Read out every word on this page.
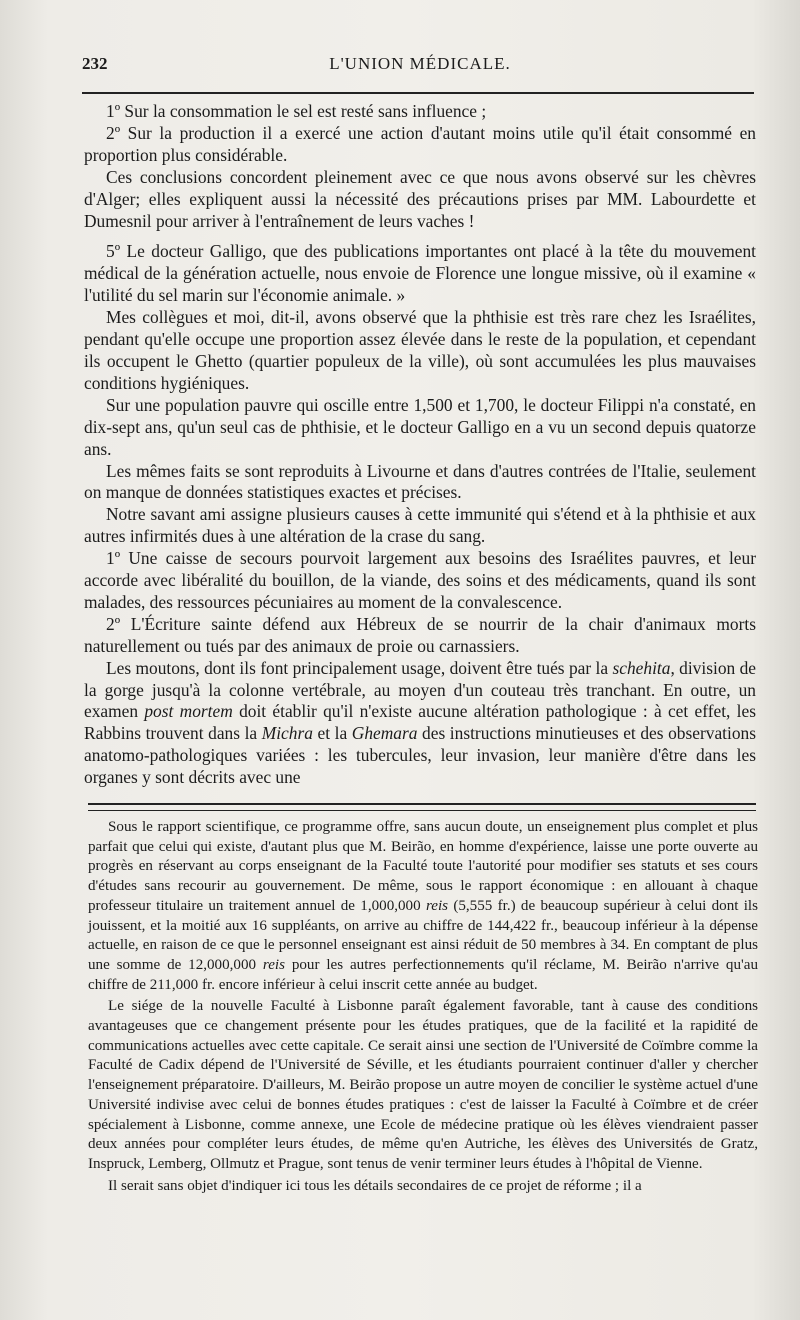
232	L'UNION MÉDICALE.

1º Sur la consommation le sel est resté sans influence ;

2º Sur la production il a exercé une action d'autant moins utile qu'il était consommé en proportion plus considérable.

Ces conclusions concordent pleinement avec ce que nous avons observé sur les chèvres d'Alger; elles expliquent aussi la nécessité des précautions prises par MM. Labourdette et Dumesnil pour arriver à l'entraînement de leurs vaches !

5º Le docteur Galligo, que des publications importantes ont placé à la tête du mouvement médical de la génération actuelle, nous envoie de Florence une longue missive, où il examine « l'utilité du sel marin sur l'économie animale. »

Mes collègues et moi, dit-il, avons observé que la phthisie est très rare chez les Israélites, pendant qu'elle occupe une proportion assez élevée dans le reste de la population, et cependant ils occupent le Ghetto (quartier populeux de la ville), où sont accumulées les plus mauvaises conditions hygiéniques.

Sur une population pauvre qui oscille entre 1,500 et 1,700, le docteur Filippi n'a constaté, en dix-sept ans, qu'un seul cas de phthisie, et le docteur Galligo en a vu un second depuis quatorze ans.

Les mêmes faits se sont reproduits à Livourne et dans d'autres contrées de l'Italie, seulement on manque de données statistiques exactes et précises.

Notre savant ami assigne plusieurs causes à cette immunité qui s'étend et à la phthisie et aux autres infirmités dues à une altération de la crase du sang.

1º Une caisse de secours pourvoit largement aux besoins des Israélites pauvres, et leur accorde avec libéralité du bouillon, de la viande, des soins et des médicaments, quand ils sont malades, des ressources pécuniaires au moment de la convalescence.

2º L'Écriture sainte défend aux Hébreux de se nourrir de la chair d'animaux morts naturellement ou tués par des animaux de proie ou carnassiers.

Les moutons, dont ils font principalement usage, doivent être tués par la schehita, division de la gorge jusqu'à la colonne vertébrale, au moyen d'un couteau très tranchant. En outre, un examen post mortem doit établir qu'il n'existe aucune altération pathologique : à cet effet, les Rabbins trouvent dans la Michra et la Ghemara des instructions minutieuses et des observations anatomo-pathologiques variées : les tubercules, leur invasion, leur manière d'être dans les organes y sont décrits avec une

Sous le rapport scientifique, ce programme offre, sans aucun doute, un enseignement plus complet et plus parfait que celui qui existe, d'autant plus que M. Beirão, en homme d'expérience, laisse une porte ouverte au progrès en réservant au corps enseignant de la Faculté toute l'autorité pour modifier ses statuts et ses cours d'études sans recourir au gouvernement. De même, sous le rapport économique : en allouant à chaque professeur titulaire un traitement annuel de 1,000,000 reis (5,555 fr.) de beaucoup supérieur à celui dont ils jouissent, et la moitié aux 16 suppléants, on arrive au chiffre de 144,422 fr., beaucoup inférieur à la dépense actuelle, en raison de ce que le personnel enseignant est ainsi réduit de 50 membres à 34. En comptant de plus une somme de 12,000,000 reis pour les autres perfectionnements qu'il réclame, M. Beirão n'arrive qu'au chiffre de 211,000 fr. encore inférieur à celui inscrit cette année au budget.

Le siége de la nouvelle Faculté à Lisbonne paraît également favorable, tant à cause des conditions avantageuses que ce changement présente pour les études pratiques, que de la facilité et la rapidité de communications actuelles avec cette capitale. Ce serait ainsi une section de l'Université de Coïmbre comme la Faculté de Cadix dépend de l'Université de Séville, et les étudiants pourraient continuer d'aller y chercher l'enseignement préparatoire. D'ailleurs, M. Beirão propose un autre moyen de concilier le système actuel d'une Université indivise avec celui de bonnes études pratiques : c'est de laisser la Faculté à Coïmbre et de créer spécialement à Lisbonne, comme annexe, une Ecole de médecine pratique où les élèves viendraient passer deux années pour compléter leurs études, de même qu'en Autriche, les élèves des Universités de Gratz, Inspruck, Lemberg, Ollmutz et Prague, sont tenus de venir terminer leurs études à l'hôpital de Vienne.

Il serait sans objet d'indiquer ici tous les détails secondaires de ce projet de réforme ; il a
